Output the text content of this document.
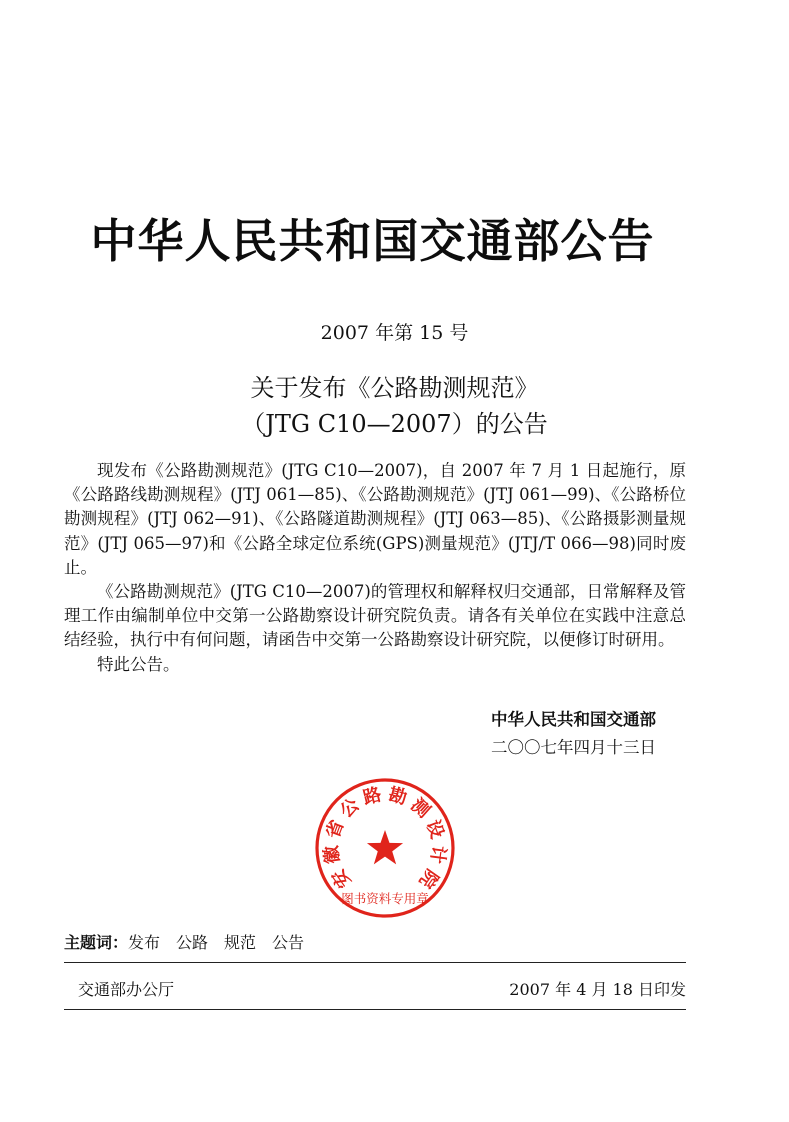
中华人民共和国交通部公告
2007 年第 15 号
关于发布《公路勘测规范》
（JTG C10—2007）的公告

现发布《公路勘测规范》(JTG C10—2007)，自 2007 年 7 月 1 日起施行，原《公路路线勘测规程》(JTJ 061—85)、《公路勘测规范》(JTJ 061—99)、《公路桥位勘测规程》(JTJ 062—91)、《公路隧道勘测规程》(JTJ 063—85)、《公路摄影测量规范》(JTJ 065—97)和《公路全球定位系统(GPS)测量规范》(JTJ/T 066—98)同时废止。

《公路勘测规范》(JTG C10—2007)的管理权和解释权归交通部，日常解释及管理工作由编制单位中交第一公路勘察设计研究院负责。请各有关单位在实践中注意总结经验，执行中有何问题，请函告中交第一公路勘察设计研究院，以便修订时研用。

特此公告。

中华人民共和国交通部
二〇〇七年四月十三日
安
徽
省
公
路 勘
测
设
计
院
图书资料专用章
主题词：发布　公路　规范　公告
交通部办公厅	2007 年 4 月 18 日印发
